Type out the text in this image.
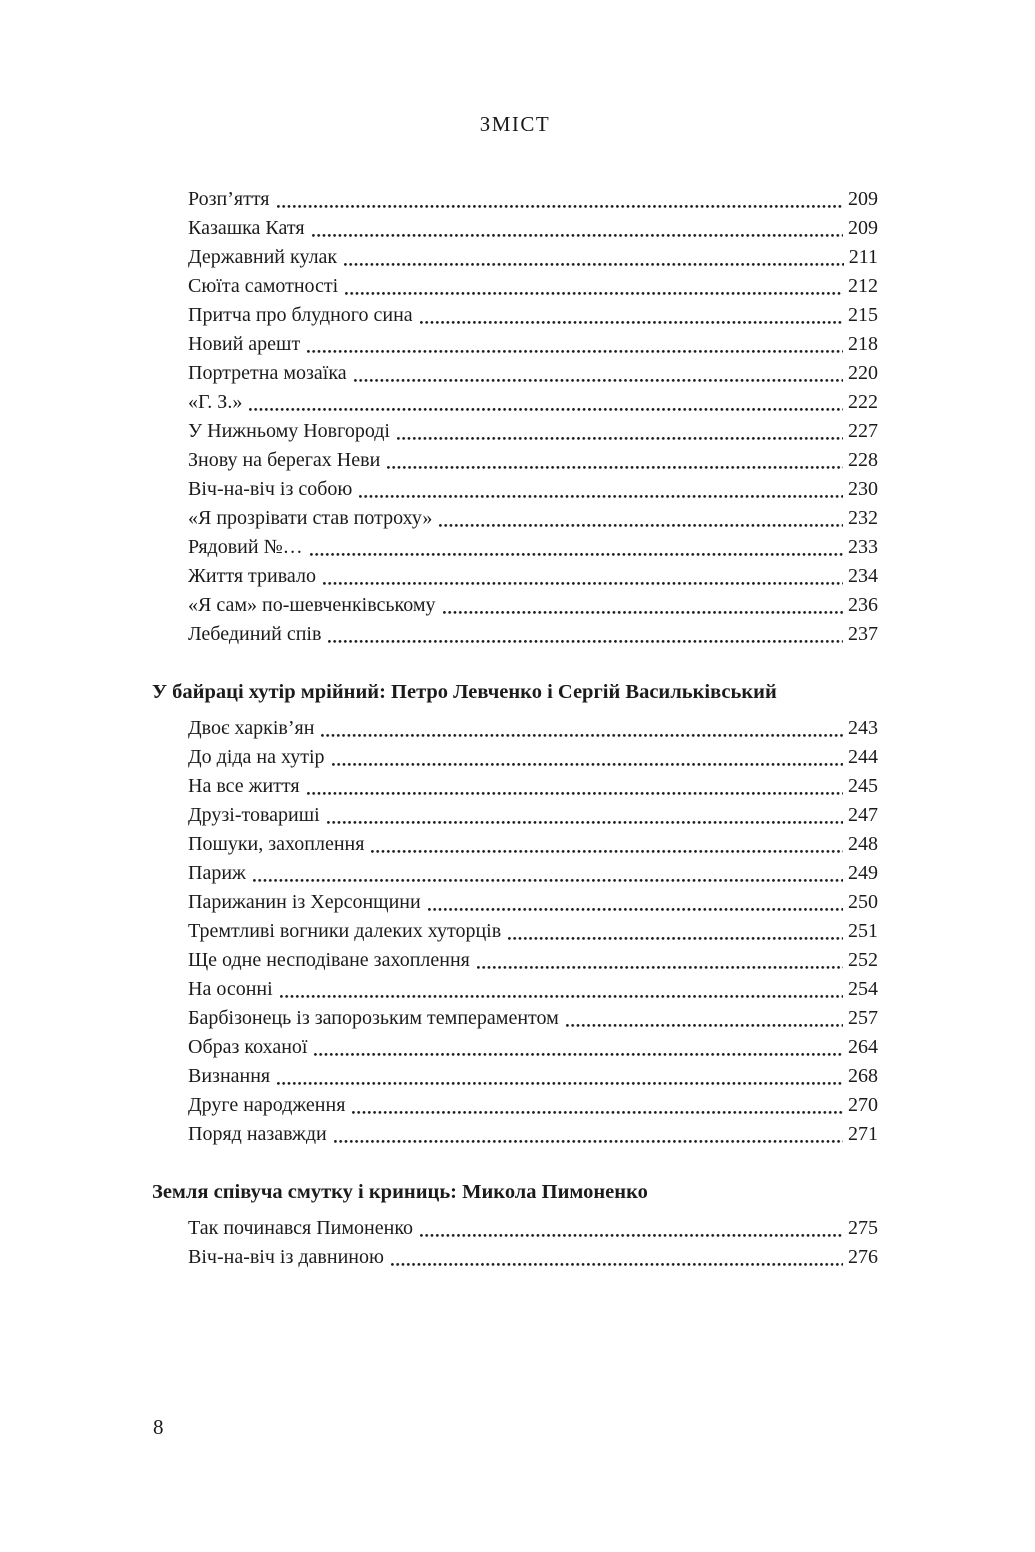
ЗМІСТ
Розп’яття	209
Казашка Катя	209
Державний кулак	211
Сюїта самотності	212
Притча про блудного сина	215
Новий арешт	218
Портретна мозаїка	220
«Г. З.»	222
У Нижньому Новгороді	227
Знову на берегах Неви	228
Віч-на-віч із собою	230
«Я прозрівати став потроху»	232
Рядовий №…	233
Життя тривало	234
«Я сам» по-шевченківському	236
Лебединий спів	237
У байраці хутір мрійний: Петро Левченко і Сергій Васильківський
Двоє харків’ян	243
До діда на хутір	244
На все життя	245
Друзі-товариші	247
Пошуки, захоплення	248
Париж	249
Парижанин із Херсонщини	250
Тремтливі вогники далеких хуторців	251
Ще одне несподіване захоплення	252
На осонні	254
Барбізонець із запорозьким темпераментом	257
Образ коханої	264
Визнання	268
Друге народження	270
Поряд назавжди	271
Земля співуча смутку і криниць: Микола Пимоненко
Так починався Пимоненко	275
Віч-на-віч із давниною	276
8
